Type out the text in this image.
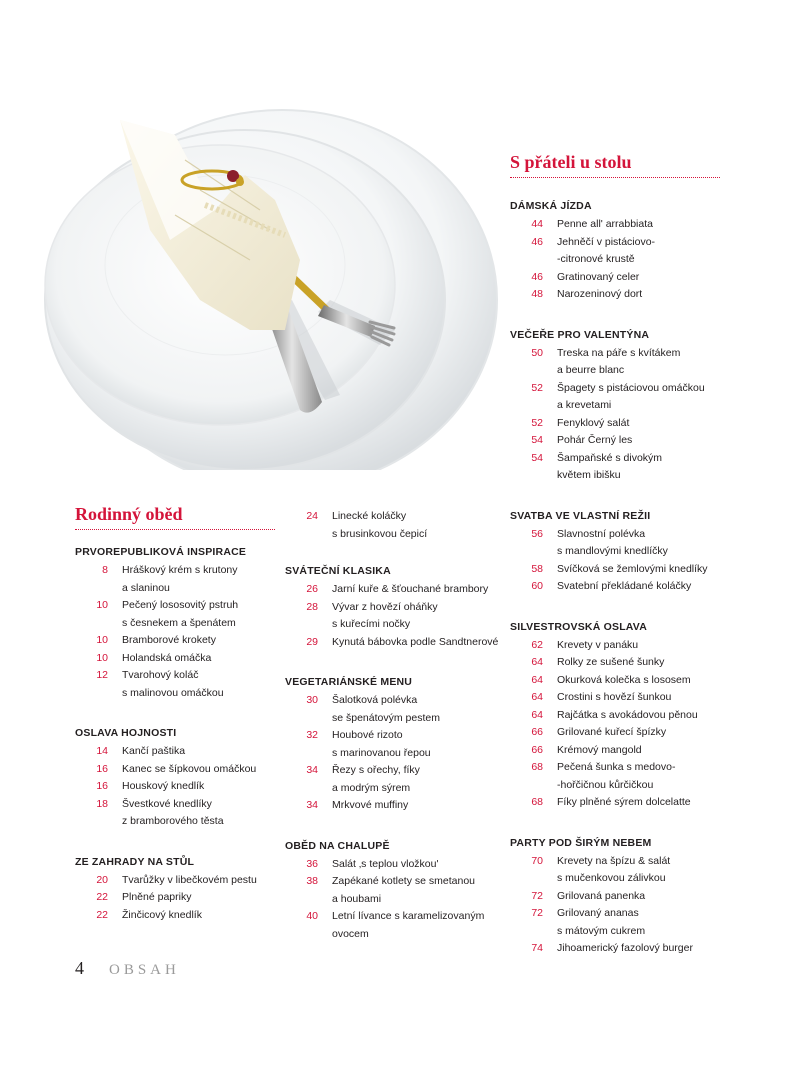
Rodinný oběd
PRVOREPUBLIKOVÁ INSPIRACE
8	Hráškový krém s krutony
a slaninou
10	Pečený lososovitý pstruh
s česnekem a špenátem
10	Bramborové krokety
10	Holandská omáčka
12	Tvarohový koláč
s malinovou omáčkou
OSLAVA HOJNOSTI
14	Kančí paštika
16	Kanec se šípkovou omáčkou
16	Houskový knedlík
18	Švestkové knedlíky
z bramborového těsta
ZE ZAHRADY NA STŮL
20	Tvarůžky v libečkovém pestu
22	Plněné papriky
22	Žinčicový knedlík
24	Linecké koláčky
s brusinkovou čepicí
SVÁTEČNÍ KLASIKA
26	Jarní kuře & šťouchané brambory
28	Vývar z hovězí oháňky
s kuřecími nočky
29	Kynutá bábovka podle Sandtnerové
VEGETARIÁNSKÉ MENU
30	Šalotková polévka
se špenátovým pestem
32	Houbové rizoto
s marinovanou řepou
34	Řezy s ořechy, fíky
a modrým sýrem
34	Mrkvové muffiny
OBĚD NA CHALUPĚ
36	Salát ‚s teplou vložkou'
38	Zapékané kotlety se smetanou
a houbami
40	Letní lívance s karamelizovaným
ovocem
S přáteli u stolu
DÁMSKÁ JÍZDA
44	Penne all' arrabbiata
46	Jehněčí v pistáciovo-
-citronové krustě
46	Gratinovaný celer
48	Narozeninový dort
VEČEŘE PRO VALENTÝNA
50	Treska na páře s kvítákem
a beurre blanc
52	Špagety s pistáciovou omáčkou
a krevetami
52	Fenyklový salát
54	Pohár Černý les
54	Šampaňské s divokým
květem ibišku
SVATBA VE VLASTNÍ REŽII
56	Slavnostní polévka
s mandlovými knedlíčky
58	Svíčková se žemlovými knedlíky
60	Svatební překládané koláčky
SILVESTROVSKÁ OSLAVA
62	Krevety v panáku
64	Rolky ze sušené šunky
64	Okurková kolečka s lososem
64	Crostini s hovězí šunkou
64	Rajčátka s avokádovou pěnou
66	Grilované kuřecí špízky
66	Krémový mangold
68	Pečená šunka s medovo-
-hořčičnou kůrčičkou
68	Fíky plněné sýrem dolcelatte
PARTY POD ŠIRÝM NEBEM
70	Krevety na špízu & salát
s mučenkovou zálivkou
72	Grilovaná panenka
72	Grilovaný ananas
s mátovým cukrem
74	Jihoamerický fazolový burger
4 OBSAH
